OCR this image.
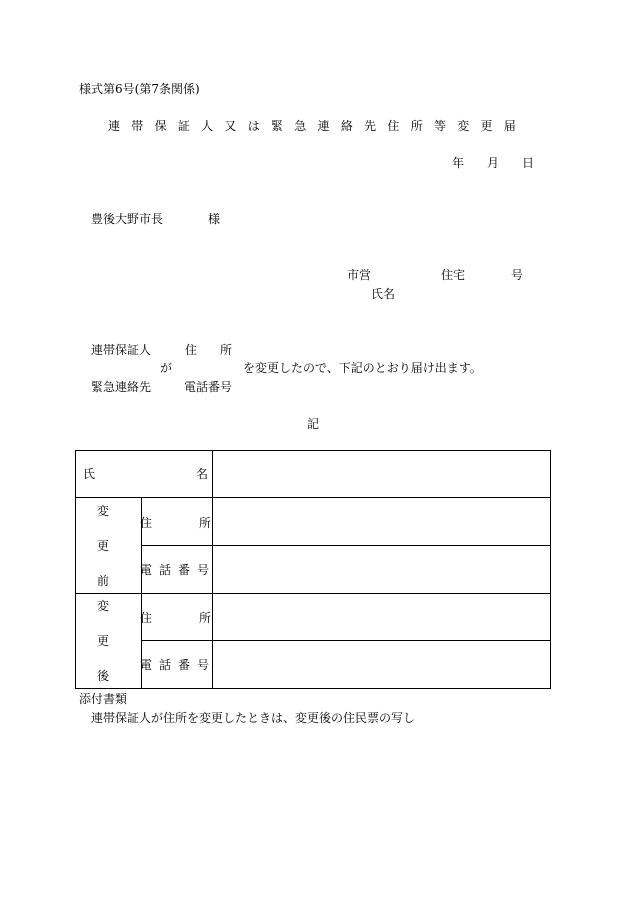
様式第6号(第7条関係)
連 帯 保 証 人 又 は 緊 急 連 絡 先 住 所 等 変 更 届
年 月 日
豊後大野市長	様
市営	住宅	号
氏名
連帯保証人	住 所
が	を変更したので、下記のとおり届け出ます。
緊急連絡先	電話番号
記
氏	名
変
更
前
住	所
電 話 番 号
変
更
後
住	所
電 話 番 号
添付書類
連帯保証人が住所を変更したときは、変更後の住民票の写し
